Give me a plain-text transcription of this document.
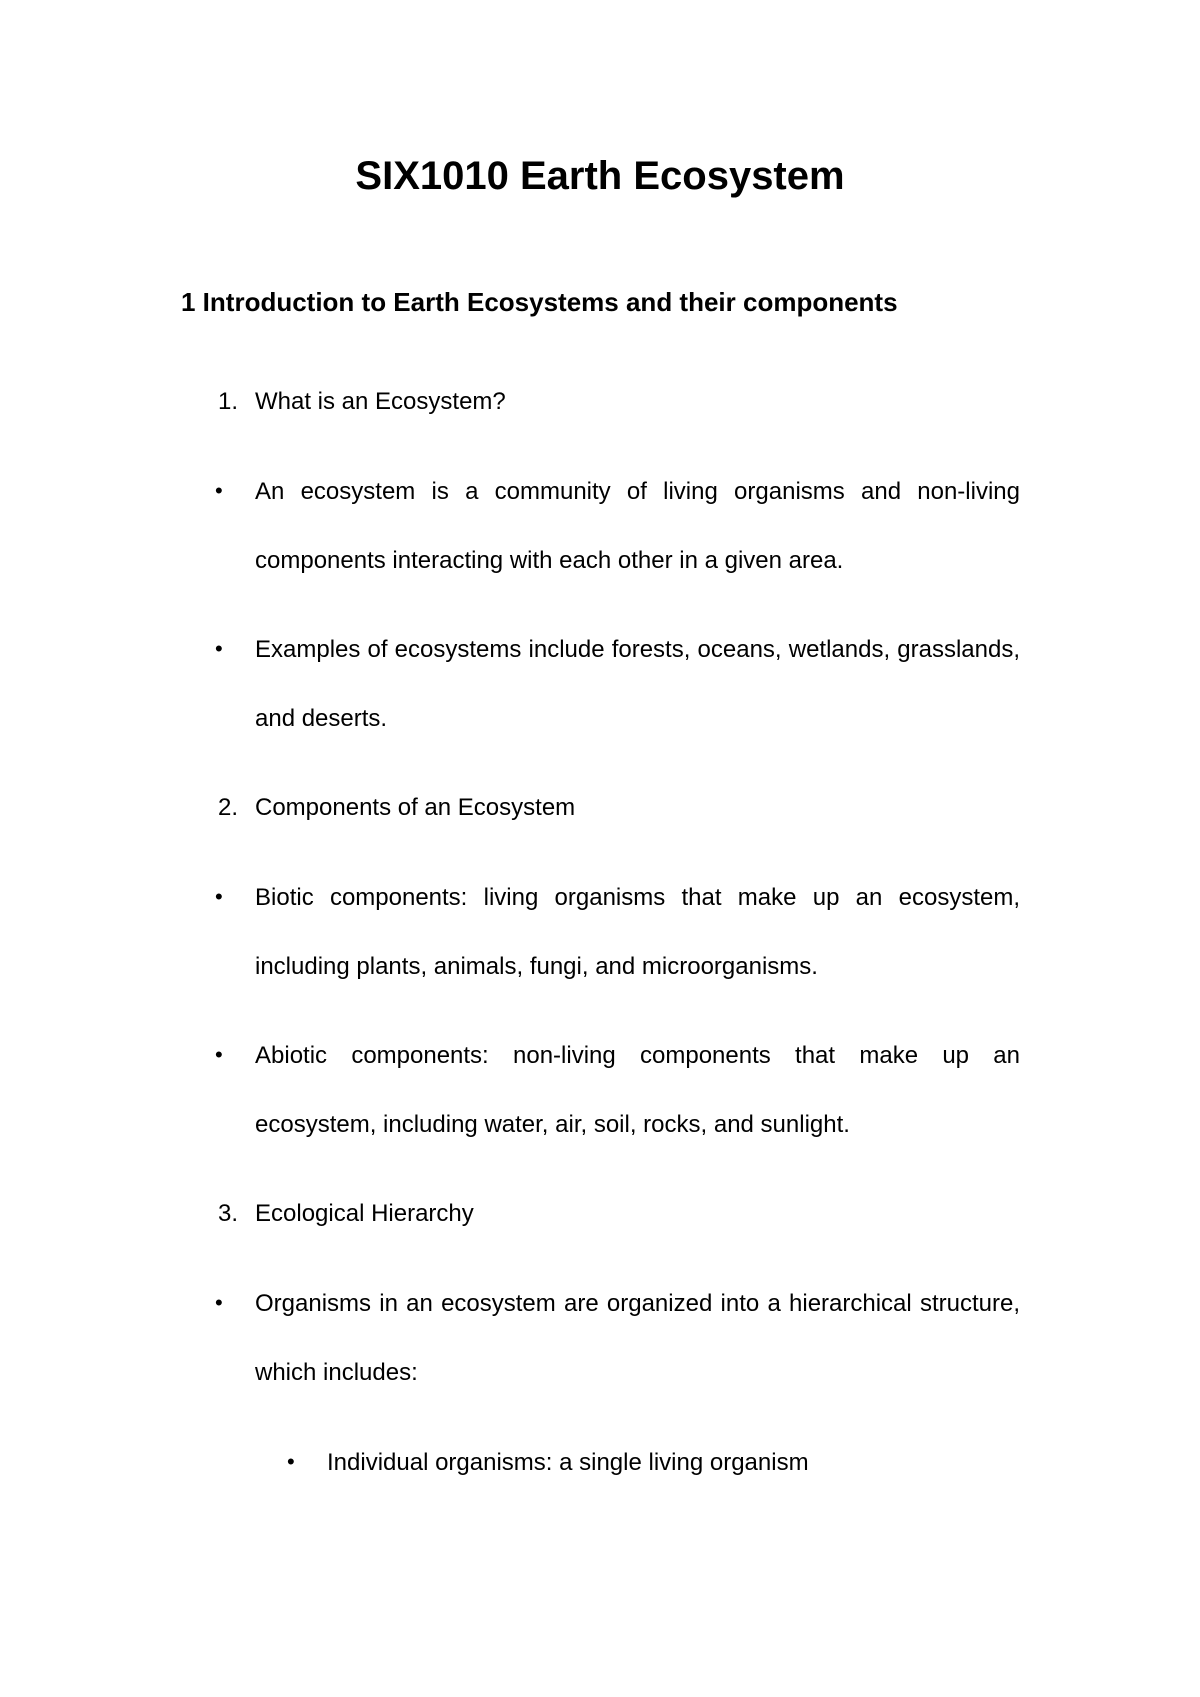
SIX1010 Earth Ecosystem
1 Introduction to Earth Ecosystems and their components
1. What is an Ecosystem?
• An ecosystem is a community of living organisms and non-living components interacting with each other in a given area.
• Examples of ecosystems include forests, oceans, wetlands, grasslands, and deserts.
2. Components of an Ecosystem
• Biotic components: living organisms that make up an ecosystem, including plants, animals, fungi, and microorganisms.
• Abiotic components: non-living components that make up an ecosystem, including water, air, soil, rocks, and sunlight.
3. Ecological Hierarchy
• Organisms in an ecosystem are organized into a hierarchical structure, which includes:
• Individual organisms: a single living organism
